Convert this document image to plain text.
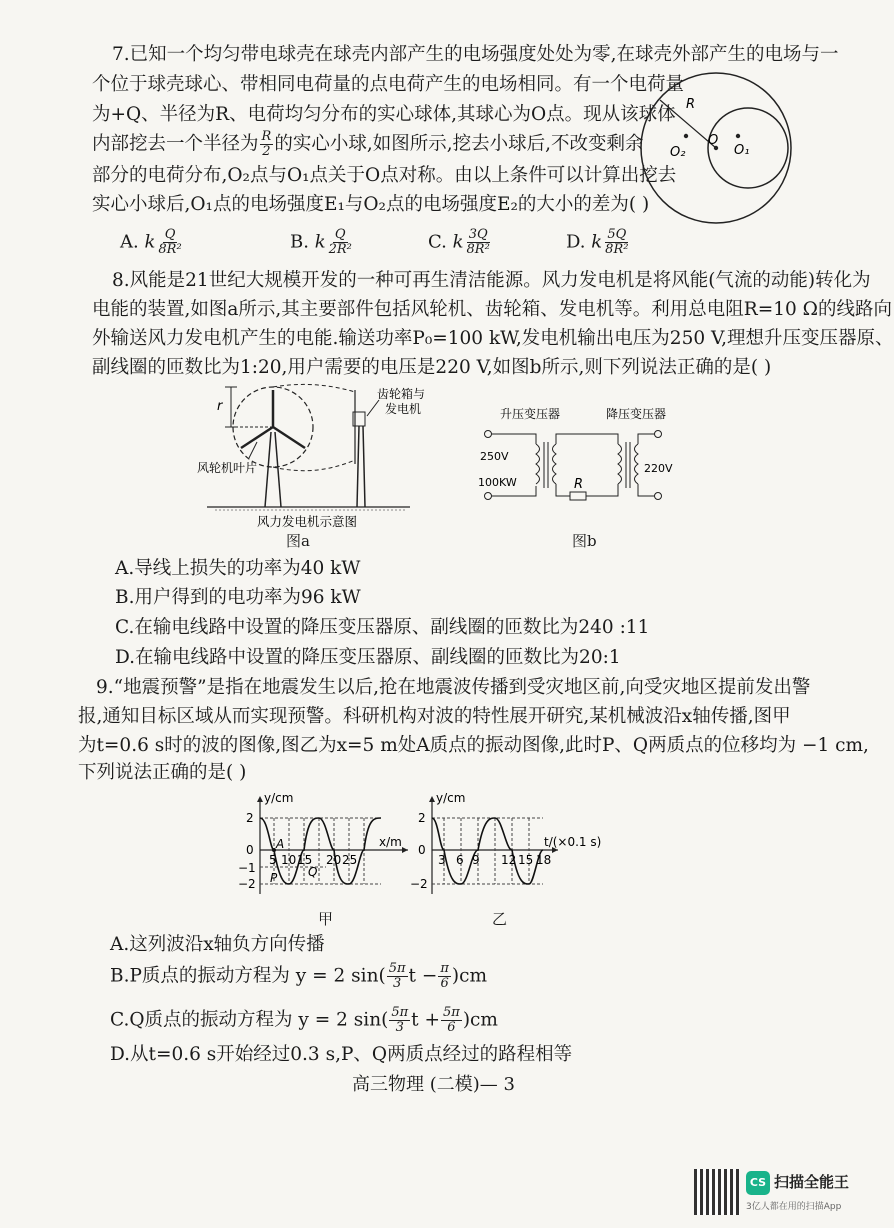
7.已知一个均匀带电球壳在球壳内部产生的电场强度处处为零,在球壳外部产生的电场与一
个位于球壳球心、带相同电荷量的点电荷产生的电场相同。有一个电荷量
为+Q、半径为R、电荷均匀分布的实心球体,其球心为O点。现从该球体
内部挖去一个半径为 $\frac{R}{2}$ 的实心小球,如图所示,挖去小球后,不改变剩余
部分的电荷分布,O₂点与O₁点关于O点对称。由以上条件可以计算出挖去
实心小球后,O₁点的电场强度E₁与O₂点的电场强度E₂的大小的差为( )
A. k $\frac{Q}{\text{8R²}}$	B. k $\frac{Q}{\text{2R²}}$	C. k $\frac{3Q}{\text{8R²}}$	D. k $\frac{5Q}{\text{8R²}}$
R
O
O₁
O₂
8.风能是21世纪大规模开发的一种可再生清洁能源。风力发电机是将风能(气流的动能)转化为
电能的装置,如图a所示,其主要部件包括风轮机、齿轮箱、发电机等。利用总电阻R=10 Ω的线路向
外输送风力发电机产生的电能.输送功率P₀=100 kW,发电机输出电压为250 V,理想升压变压器原、
副线圈的匝数比为1:20,用户需要的电压是220 V,如图b所示,则下列说法正确的是( )
r
齿轮箱与
发电机
风轮机叶片
风力发电机示意图
图a
升压变压器	降压变压器
250V
100KW
220V
R
图b
A.导线上损失的功率为40 kW
B.用户得到的电功率为96 kW
C.在输电线路中设置的降压变压器原、副线圈的匝数比为240 :11
D.在输电线路中设置的降压变压器原、副线圈的匝数比为20:1
9.“地震预警”是指在地震发生以后,抢在地震波传播到受灾地区前,向受灾地区提前发出警
报,通知目标区域从而实现预警。科研机构对波的特性展开研究,某机械波沿x轴传播,图甲
为t=0.6 s时的波的图像,图乙为x=5 m处A质点的振动图像,此时P、Q两质点的位移均为 −1 cm,
下列说法正确的是( )
y/cm
x/m
2
0
−1
−2
5 10 15 20 25
A
P	Q
甲
y/cm
t/(×0.1 s)
2
0
−2
3 6 9 12 15 18
乙
A.这列波沿x轴负方向传播
B.P质点的振动方程为 y = 2 $\sin( \frac{5\pi}{3}$ $t - \frac{\pi}{6} )cm$
C.Q质点的振动方程为 y = 2 $\sin( \frac{5\pi}{3}$ $t + \frac{5\pi}{6} )cm$
D.从t=0.6 s开始经过0.3 s,P、Q两质点经过的路程相等
高三物理 (二模)— 3
CS 扫描全能王
3亿人都在用的扫描App
